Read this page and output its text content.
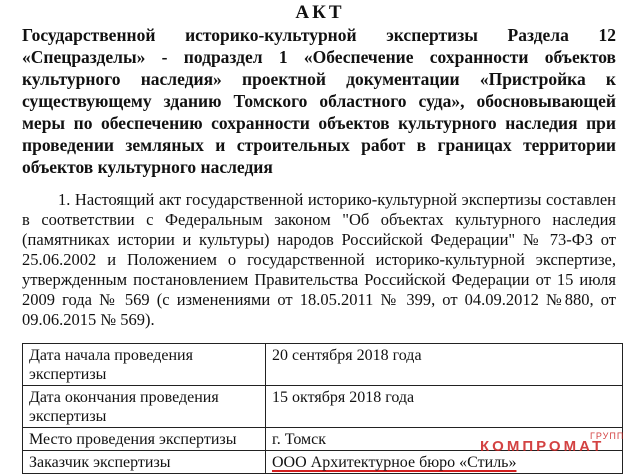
АКТ
Государственной историко-культурной экспертизы Раздела 12
«Спецразделы» - подраздел 1 «Обеспечение сохранности объектов
культурного наследия» проектной документации «Пристройка к
существующему зданию Томского областного суда», обосновывающей
меры по обеспечению сохранности объектов культурного наследия при
проведении земляных и строительных работ в границах территории
объектов культурного наследия
1. Настоящий акт государственной историко-культурной экспертизы составлен
в соответствии с Федеральным законом "Об объектах культурного наследия
(памятниках истории и культуры) народов Российской Федерации" № 73-ФЗ от
25.06.2002 и Положением о государственной историко-культурной экспертизе,
утвержденным постановлением Правительства Российской Федерации от 15 июля
2009 года № 569 (с изменениями от 18.05.2011 № 399, от 04.09.2012 №880, от
09.06.2015 № 569).
Дата начала проведения экспертизы	20 сентября 2018 года
Дата окончания проведения экспертизы	15 октября 2018 года
Место проведения экспертизы	г. Томск
Заказчик экспертизы	ООО Архитектурное бюро «Стиль»
ГРУПП
КОМПРОМАТ
